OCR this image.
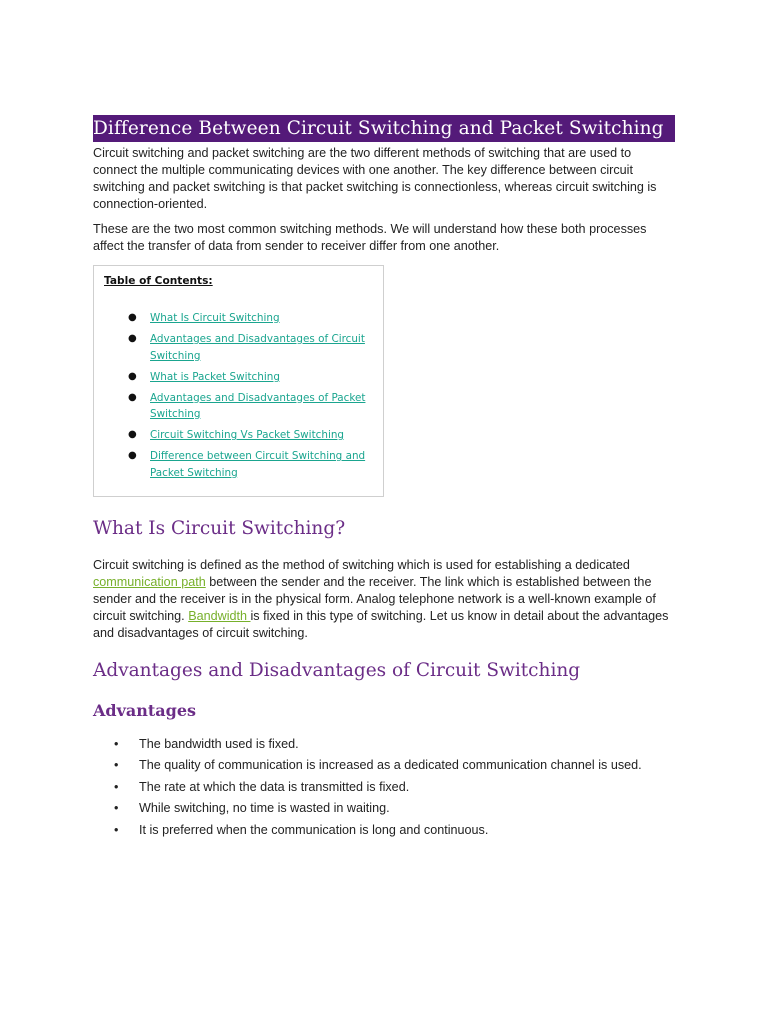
Difference Between Circuit Switching and Packet Switching

Circuit switching and packet switching are the two different methods of switching that are used to connect the multiple communicating devices with one another. The key difference between circuit switching and packet switching is that packet switching is connectionless, whereas circuit switching is connection-oriented.

These are the two most common switching methods. We will understand how these both processes affect the transfer of data from sender to receiver differ from one another.

Table of Contents:
● What Is Circuit Switching
● Advantages and Disadvantages of Circuit Switching
● What is Packet Switching
● Advantages and Disadvantages of Packet Switching
● Circuit Switching Vs Packet Switching
● Difference between Circuit Switching and Packet Switching
What Is Circuit Switching?

Circuit switching is defined as the method of switching which is used for establishing a dedicated communication path between the sender and the receiver. The link which is established between the sender and the receiver is in the physical form. Analog telephone network is a well-known example of circuit switching. Bandwidth is fixed in this type of switching. Let us know in detail about the advantages and disadvantages of circuit switching.

Advantages and Disadvantages of Circuit Switching
Advantages
• The bandwidth used is fixed.
• The quality of communication is increased as a dedicated communication channel is used.
• The rate at which the data is transmitted is fixed.
• While switching, no time is wasted in waiting.
• It is preferred when the communication is long and continuous.
